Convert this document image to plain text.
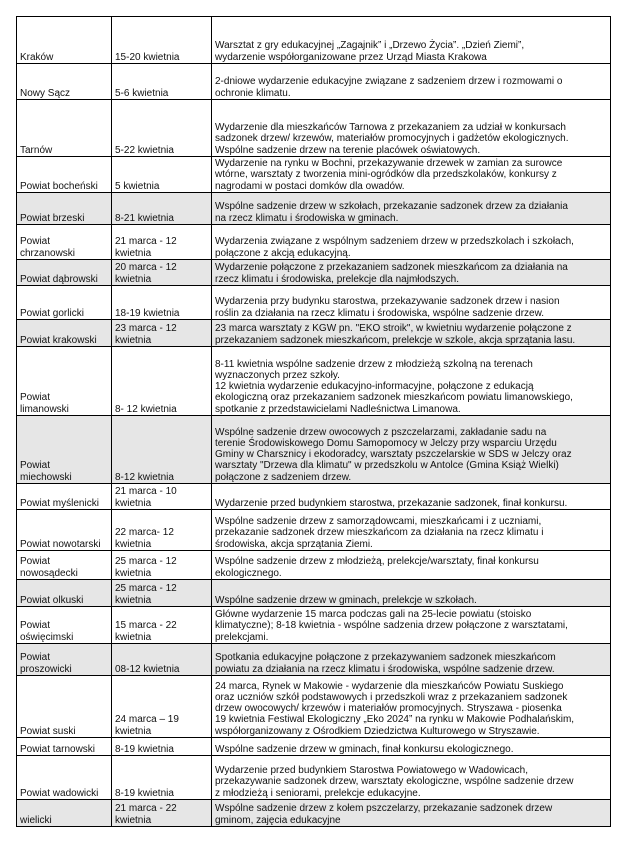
Kraków	15-20 kwietnia	Warsztat z gry edukacyjnej „Zagajnik” i „Drzewo Życia”. „Dzień Ziemi”,
wydarzenie współorganizowane przez Urząd Miasta Krakowa

Nowy Sącz	5-6 kwietnia	2-dniowe wydarzenie edukacyjne związane z sadzeniem drzew i rozmowami o
ochronie klimatu.

Tarnów	5-22 kwietnia	Wydarzenie dla mieszkańców Tarnowa z przekazaniem za udział w konkursach
sadzonek drzew/ krzewów, materiałów promocyjnych i gadżetów ekologicznych.
Wspólne sadzenie drzew na terenie placówek oświatowych.

Powiat bocheński	5 kwietnia	Wydarzenie na rynku w Bochni, przekazywanie drzewek w zamian za surowce
wtórne, warsztaty z tworzenia mini-ogródków dla przedszkolaków, konkursy z
nagrodami w postaci domków dla owadów.

Powiat brzeski	8-21 kwietnia	Wspólne sadzenie drzew w szkołach, przekazanie sadzonek drzew za działania
na rzecz klimatu i środowiska w gminach.

Powiat
chrzanowski	21 marca - 12
kwietnia	Wydarzenia związane z wspólnym sadzeniem drzew w przedszkolach i szkołach,
połączone z akcją edukacyjną.

Powiat dąbrowski	20 marca - 12
kwietnia	Wydarzenie połączone z przekazaniem sadzonek mieszkańcom za działania na
rzecz klimatu i środowiska, prelekcje dla najmłodszych.

Powiat gorlicki	18-19 kwietnia	Wydarzenia przy budynku starostwa, przekazywanie sadzonek drzew i nasion
roślin za działania na rzecz klimatu i środowiska, wspólne sadzenie drzew.

Powiat krakowski	23 marca - 12
kwietnia	23 marca warsztaty z KGW pn. "EKO stroik", w kwietniu wydarzenie połączone z
przekazaniem sadzonek mieszkańcom, prelekcje w szkole, akcja sprzątania lasu.

Powiat
limanowski	8- 12 kwietnia	8-11 kwietnia wspólne sadzenie drzew z młodzieżą szkolną na terenach
wyznaczonych przez szkoły.
12 kwietnia wydarzenie edukacyjno-informacyjne, połączone z edukacją
ekologiczną oraz przekazaniem sadzonek mieszkańcom powiatu limanowskiego,
spotkanie z przedstawicielami Nadleśnictwa Limanowa.

Powiat
miechowski	8-12 kwietnia	Wspólne sadzenie drzew owocowych z pszczelarzami, zakładanie sadu na
terenie Środowiskowego Domu Samopomocy w Jelczy przy wsparciu Urzędu
Gminy w Charsznicy i ekodoradcy, warsztaty pszczelarskie w SDS w Jelczy oraz
warsztaty "Drzewa dla klimatu" w przedszkolu w Antolce (Gmina Książ Wielki)
połączone z sadzeniem drzew.

Powiat myślenicki	21 marca - 10
kwietnia	Wydarzenie przed budynkiem starostwa, przekazanie sadzonek, finał konkursu.

Powiat nowotarski	22 marca- 12
kwietnia	Wspólne sadzenie drzew z samorządowcami, mieszkańcami i z uczniami,
przekazanie sadzonek drzew mieszkańcom za działania na rzecz klimatu i
środowiska, akcja sprzątania Ziemi.

Powiat
nowosądecki	25 marca - 12
kwietnia	Wspólne sadzenie drzew z młodzieżą, prelekcje/warsztaty, finał konkursu
ekologicznego.

Powiat olkuski	25 marca - 12
kwietnia	Wspólne sadzenie drzew w gminach, prelekcje w szkołach.

Powiat
oświęcimski	15 marca - 22
kwietnia	Główne wydarzenie 15 marca podczas gali na 25-lecie powiatu (stoisko
klimatyczne); 8-18 kwietnia - wspólne sadzenia drzew połączone z warsztatami,
prelekcjami.

Powiat
proszowicki	08-12 kwietnia	Spotkania edukacyjne połączone z przekazywaniem sadzonek mieszkańcom
powiatu za działania na rzecz klimatu i środowiska, wspólne sadzenie drzew.

Powiat suski	24 marca – 19
kwietnia	24 marca, Rynek w Makowie - wydarzenie dla mieszkańców Powiatu Suskiego
oraz uczniów szkół podstawowych i przedszkoli wraz z przekazaniem sadzonek
drzew owocowych/ krzewów i materiałów promocyjnych. Stryszawa - piosenka
19 kwietnia Festiwal Ekologiczny „Eko 2024” na rynku w Makowie Podhalańskim,
współorganizowany z Ośrodkiem Dziedzictwa Kulturowego w Stryszawie.

Powiat tarnowski	8-19 kwietnia	Wspólne sadzenie drzew w gminach, finał konkursu ekologicznego.

Powiat wadowicki	8-19 kwietnia	Wydarzenie przed budynkiem Starostwa Powiatowego w Wadowicach,
przekazywanie sadzonek drzew, warsztaty ekologiczne, wspólne sadzenie drzew
z młodzieżą i seniorami, prelekcje edukacyjne.

wielicki	21 marca - 22
kwietnia	Wspólne sadzenie drzew z kołem pszczelarzy, przekazanie sadzonek drzew
gminom, zajęcia edukacyjne
